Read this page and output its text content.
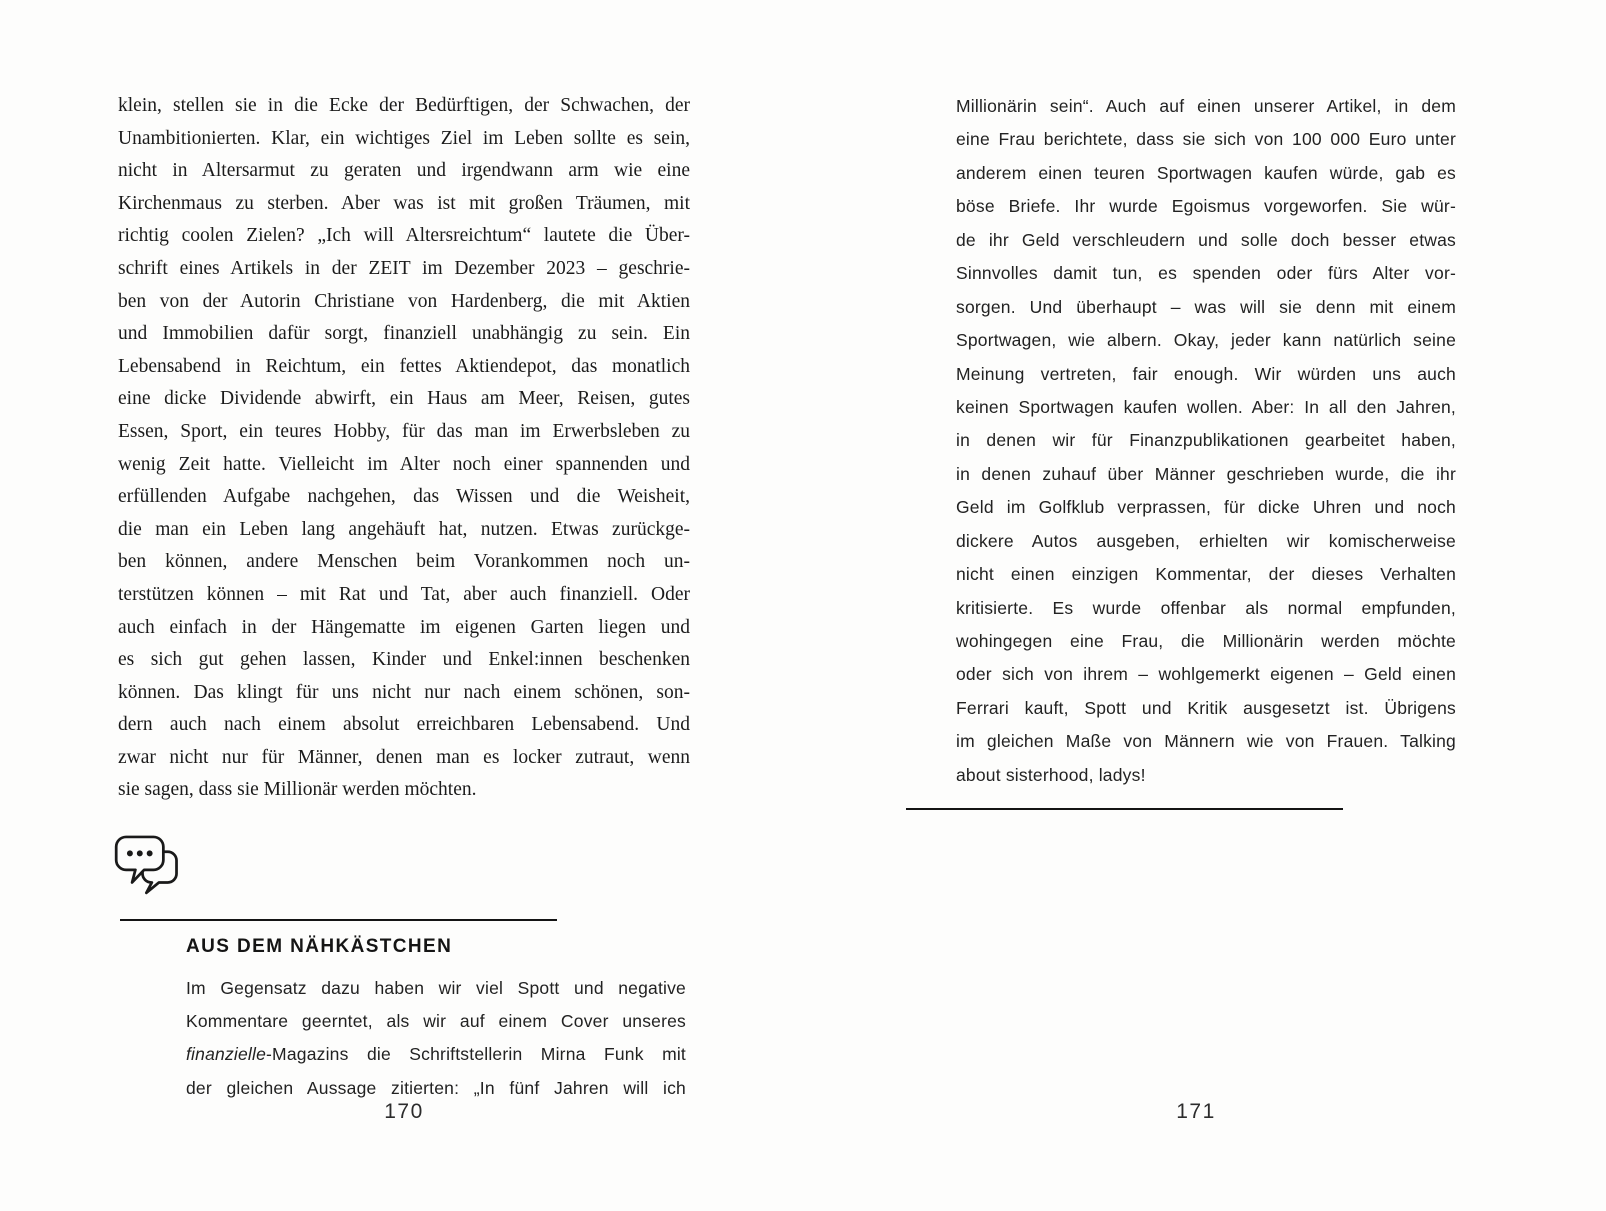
klein, stellen sie in die Ecke der Bedürftigen, der Schwachen, der
Unambitionierten. Klar, ein wichtiges Ziel im Leben sollte es sein,
nicht in Altersarmut zu geraten und irgendwann arm wie eine
Kirchenmaus zu sterben. Aber was ist mit großen Träumen, mit
richtig coolen Zielen? „Ich will Altersreichtum“ lautete die Über-
schrift eines Artikels in der ZEIT im Dezember 2023 – geschrie-
ben von der Autorin Christiane von Hardenberg, die mit Aktien
und Immobilien dafür sorgt, finanziell unabhängig zu sein. Ein
Lebensabend in Reichtum, ein fettes Aktiendepot, das monatlich
eine dicke Dividende abwirft, ein Haus am Meer, Reisen, gutes
Essen, Sport, ein teures Hobby, für das man im Erwerbsleben zu
wenig Zeit hatte. Vielleicht im Alter noch einer spannenden und
erfüllenden Aufgabe nachgehen, das Wissen und die Weisheit,
die man ein Leben lang angehäuft hat, nutzen. Etwas zurückge-
ben können, andere Menschen beim Vorankommen noch un-
terstützen können – mit Rat und Tat, aber auch finanziell. Oder
auch einfach in der Hängematte im eigenen Garten liegen und
es sich gut gehen lassen, Kinder und Enkel:innen beschenken
können. Das klingt für uns nicht nur nach einem schönen, son-
dern auch nach einem absolut erreichbaren Lebensabend. Und
zwar nicht nur für Männer, denen man es locker zutraut, wenn
sie sagen, dass sie Millionär werden möchten.
AUS DEM NÄHKÄSTCHEN
Im Gegensatz dazu haben wir viel Spott und negative
Kommentare geerntet, als wir auf einem Cover unseres
finanzielle-Magazins die Schriftstellerin Mirna Funk mit
der gleichen Aussage zitierten: „In fünf Jahren will ich
170
Millionärin sein“. Auch auf einen unserer Artikel, in dem
eine Frau berichtete, dass sie sich von 100 000 Euro unter
anderem einen teuren Sportwagen kaufen würde, gab es
böse Briefe. Ihr wurde Egoismus vorgeworfen. Sie wür-
de ihr Geld verschleudern und solle doch besser etwas
Sinnvolles damit tun, es spenden oder fürs Alter vor-
sorgen. Und überhaupt – was will sie denn mit einem
Sportwagen, wie albern. Okay, jeder kann natürlich seine
Meinung vertreten, fair enough. Wir würden uns auch
keinen Sportwagen kaufen wollen. Aber: In all den Jahren,
in denen wir für Finanzpublikationen gearbeitet haben,
in denen zuhauf über Männer geschrieben wurde, die ihr
Geld im Golfklub verprassen, für dicke Uhren und noch
dickere Autos ausgeben, erhielten wir komischerweise
nicht einen einzigen Kommentar, der dieses Verhalten
kritisierte. Es wurde offenbar als normal empfunden,
wohingegen eine Frau, die Millionärin werden möchte
oder sich von ihrem – wohlgemerkt eigenen – Geld einen
Ferrari kauft, Spott und Kritik ausgesetzt ist. Übrigens
im gleichen Maße von Männern wie von Frauen. Talking
about sisterhood, ladys!
171
